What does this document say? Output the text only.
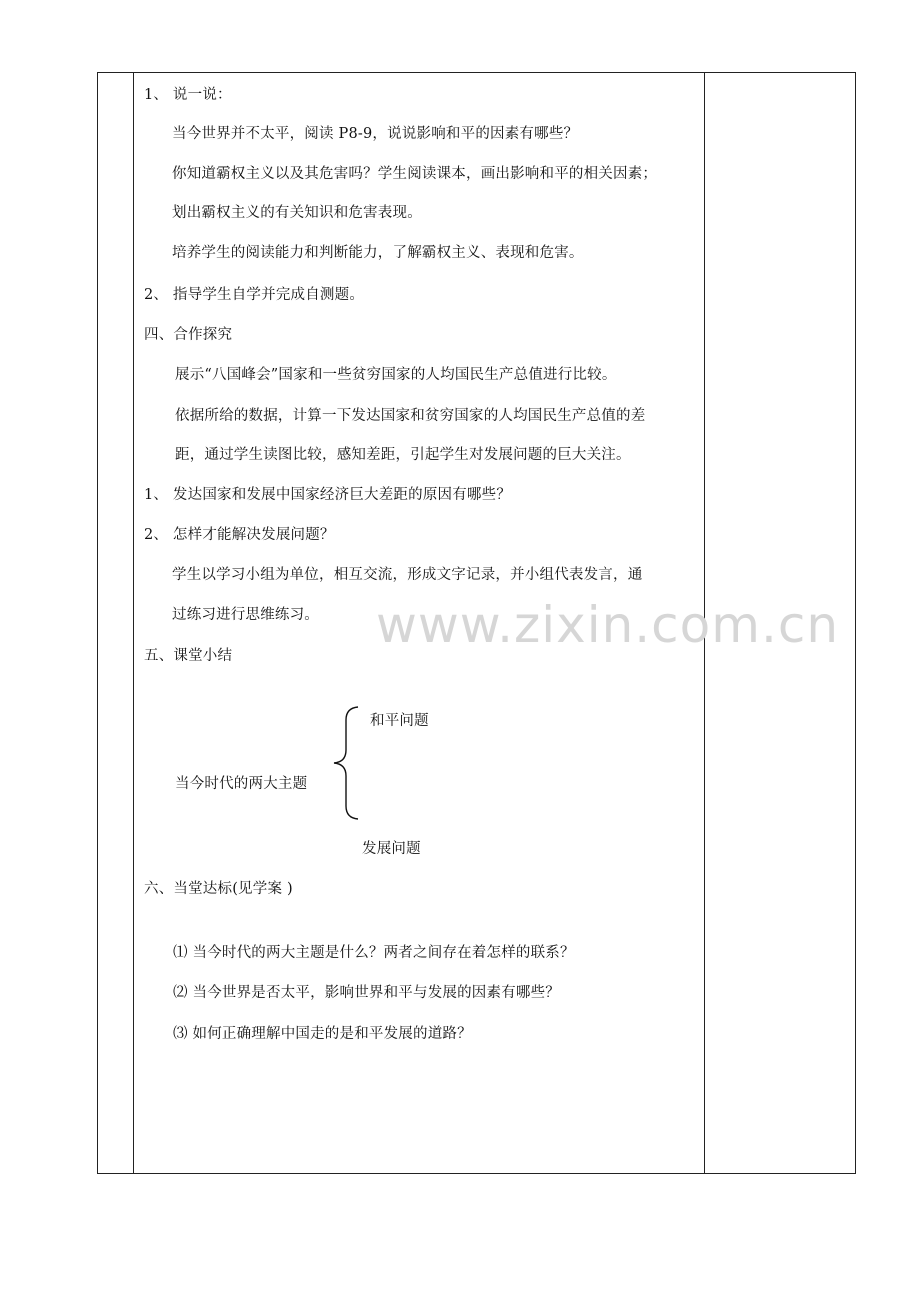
1、 说一说：
当今世界并不太平，阅读 P8-9，说说影响和平的因素有哪些？
你知道霸权主义以及其危害吗？学生阅读课本，画出影响和平的相关因素；
划出霸权主义的有关知识和危害表现。
培养学生的阅读能力和判断能力，了解霸权主义、表现和危害。
2、 指导学生自学并完成自测题。
四、合作探究
展示“八国峰会”国家和一些贫穷国家的人均国民生产总值进行比较。
依据所给的数据，计算一下发达国家和贫穷国家的人均国民生产总值的差
距，通过学生读图比较，感知差距，引起学生对发展问题的巨大关注。
1、 发达国家和发展中国家经济巨大差距的原因有哪些？
2、 怎样才能解决发展问题？
学生以学习小组为单位，相互交流，形成文字记录，并小组代表发言，通
过练习进行思维练习。
五、课堂小结
和平问题
当今时代的两大主题
发展问题
六、当堂达标(见学案 )
⑴ 当今时代的两大主题是什么？两者之间存在着怎样的联系？
⑵ 当今世界是否太平，影响世界和平与发展的因素有哪些？
⑶ 如何正确理解中国走的是和平发展的道路？
www.zixin.com.cn
